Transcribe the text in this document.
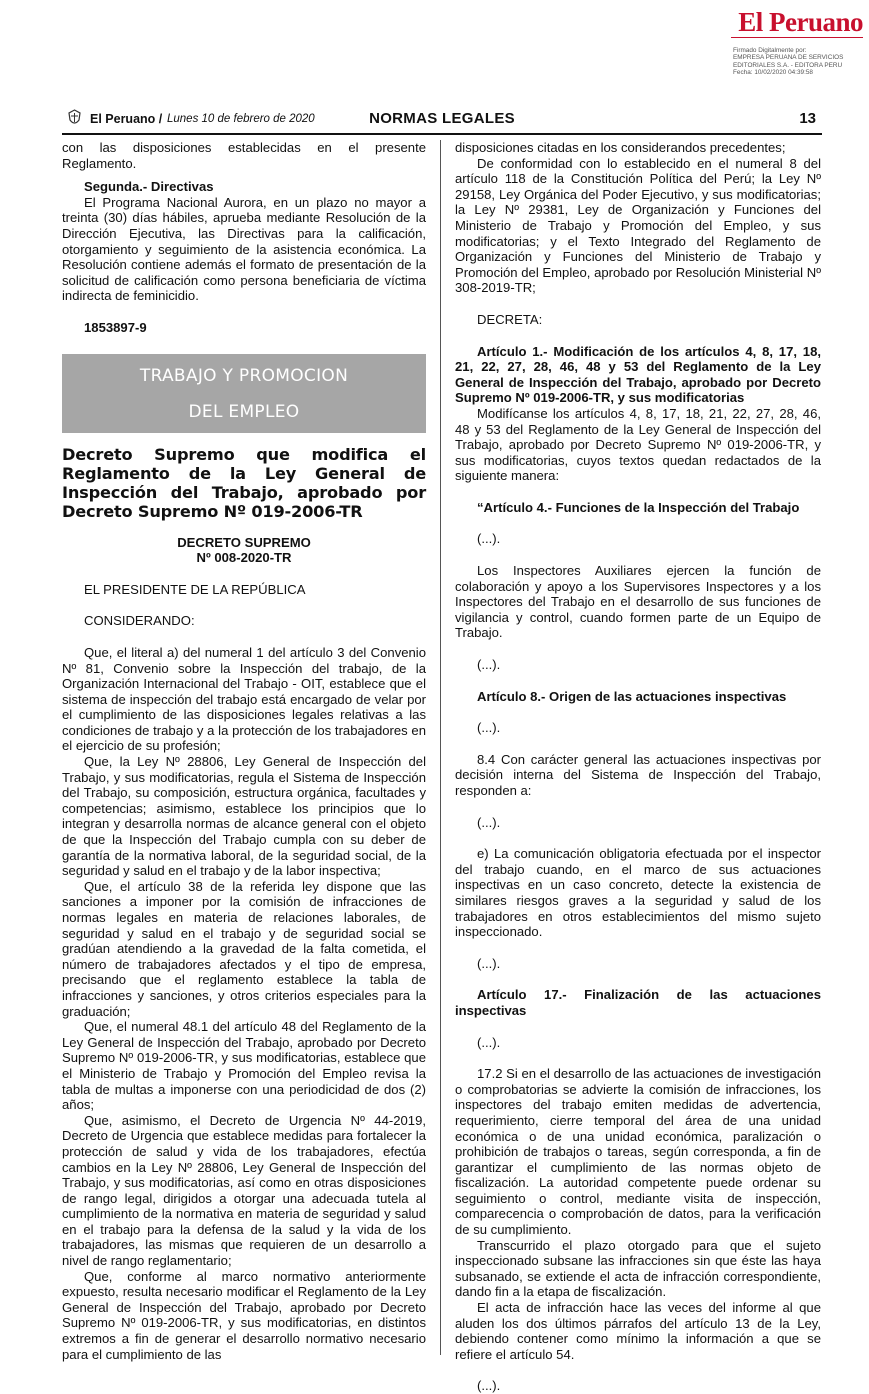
El Peruano
Firmado Digitalmente por:
EMPRESA PERUANA DE SERVICIOS
EDITORIALES S.A. - EDITORA PERU
Fecha: 10/02/2020 04:39:58
El Peruano / Lunes 10 de febrero de 2020	NORMAS LEGALES	13

con las disposiciones establecidas en el presente Reglamento.

Segunda.- Directivas

El Programa Nacional Aurora, en un plazo no mayor a treinta (30) días hábiles, aprueba mediante Resolución de la Dirección Ejecutiva, las Directivas para la calificación, otorgamiento y seguimiento de la asistencia económica. La Resolución contiene además el formato de presentación de la solicitud de calificación como persona beneficiaria de víctima indirecta de feminicidio.

1853897-9

TRABAJO Y PROMOCION
DEL EMPLEO
Decreto Supremo que modifica el Reglamento de la Ley General de Inspección del Trabajo, aprobado por Decreto Supremo Nº 019-2006-TR
DECRETO SUPREMO
Nº 008-2020-TR

EL PRESIDENTE DE LA REPÚBLICA

CONSIDERANDO:

Que, el literal a) del numeral 1 del artículo 3 del Convenio Nº 81, Convenio sobre la Inspección del trabajo, de la Organización Internacional del Trabajo - OIT, establece que el sistema de inspección del trabajo está encargado de velar por el cumplimiento de las disposiciones legales relativas a las condiciones de trabajo y a la protección de los trabajadores en el ejercicio de su profesión;

Que, la Ley Nº 28806, Ley General de Inspección del Trabajo, y sus modificatorias, regula el Sistema de Inspección del Trabajo, su composición, estructura orgánica, facultades y competencias; asimismo, establece los principios que lo integran y desarrolla normas de alcance general con el objeto de que la Inspección del Trabajo cumpla con su deber de garantía de la normativa laboral, de la seguridad social, de la seguridad y salud en el trabajo y de la labor inspectiva;

Que, el artículo 38 de la referida ley dispone que las sanciones a imponer por la comisión de infracciones de normas legales en materia de relaciones laborales, de seguridad y salud en el trabajo y de seguridad social se gradúan atendiendo a la gravedad de la falta cometida, el número de trabajadores afectados y el tipo de empresa, precisando que el reglamento establece la tabla de infracciones y sanciones, y otros criterios especiales para la graduación;

Que, el numeral 48.1 del artículo 48 del Reglamento de la Ley General de Inspección del Trabajo, aprobado por Decreto Supremo Nº 019-2006-TR, y sus modificatorias, establece que el Ministerio de Trabajo y Promoción del Empleo revisa la tabla de multas a imponerse con una periodicidad de dos (2) años;

Que, asimismo, el Decreto de Urgencia Nº 44-2019, Decreto de Urgencia que establece medidas para fortalecer la protección de salud y vida de los trabajadores, efectúa cambios en la Ley Nº 28806, Ley General de Inspección del Trabajo, y sus modificatorias, así como en otras disposiciones de rango legal, dirigidos a otorgar una adecuada tutela al cumplimiento de la normativa en materia de seguridad y salud en el trabajo para la defensa de la salud y la vida de los trabajadores, las mismas que requieren de un desarrollo a nivel de rango reglamentario;

Que, conforme al marco normativo anteriormente expuesto, resulta necesario modificar el Reglamento de la Ley General de Inspección del Trabajo, aprobado por Decreto Supremo Nº 019-2006-TR, y sus modificatorias, en distintos extremos a fin de generar el desarrollo normativo necesario para el cumplimiento de las

disposiciones citadas en los considerandos precedentes;

De conformidad con lo establecido en el numeral 8 del artículo 118 de la Constitución Política del Perú; la Ley Nº 29158, Ley Orgánica del Poder Ejecutivo, y sus modificatorias; la Ley Nº 29381, Ley de Organización y Funciones del Ministerio de Trabajo y Promoción del Empleo, y sus modificatorias; y el Texto Integrado del Reglamento de Organización y Funciones del Ministerio de Trabajo y Promoción del Empleo, aprobado por Resolución Ministerial Nº 308-2019-TR;

DECRETA:

Artículo 1.- Modificación de los artículos 4, 8, 17, 18, 21, 22, 27, 28, 46, 48 y 53 del Reglamento de la Ley General de Inspección del Trabajo, aprobado por Decreto Supremo Nº 019-2006-TR, y sus modificatorias

Modifícanse los artículos 4, 8, 17, 18, 21, 22, 27, 28, 46, 48 y 53 del Reglamento de la Ley General de Inspección del Trabajo, aprobado por Decreto Supremo Nº 019-2006-TR, y sus modificatorias, cuyos textos quedan redactados de la siguiente manera:

“Artículo 4.- Funciones de la Inspección del Trabajo

(...).

Los Inspectores Auxiliares ejercen la función de colaboración y apoyo a los Supervisores Inspectores y a los Inspectores del Trabajo en el desarrollo de sus funciones de vigilancia y control, cuando formen parte de un Equipo de Trabajo.

(...).

Artículo 8.- Origen de las actuaciones inspectivas

(...).

8.4 Con carácter general las actuaciones inspectivas por decisión interna del Sistema de Inspección del Trabajo, responden a:

(...).

e) La comunicación obligatoria efectuada por el inspector del trabajo cuando, en el marco de sus actuaciones inspectivas en un caso concreto, detecte la existencia de similares riesgos graves a la seguridad y salud de los trabajadores en otros establecimientos del mismo sujeto inspeccionado.

(...).

Artículo 17.- Finalización de las actuaciones inspectivas

(...).

17.2 Si en el desarrollo de las actuaciones de investigación o comprobatorias se advierte la comisión de infracciones, los inspectores del trabajo emiten medidas de advertencia, requerimiento, cierre temporal del área de una unidad económica o de una unidad económica, paralización o prohibición de trabajos o tareas, según corresponda, a fin de garantizar el cumplimiento de las normas objeto de fiscalización. La autoridad competente puede ordenar su seguimiento o control, mediante visita de inspección, comparecencia o comprobación de datos, para la verificación de su cumplimiento.

Transcurrido el plazo otorgado para que el sujeto inspeccionado subsane las infracciones sin que éste las haya subsanado, se extiende el acta de infracción correspondiente, dando fin a la etapa de fiscalización.

El acta de infracción hace las veces del informe al que aluden los dos últimos párrafos del artículo 13 de la Ley, debiendo contener como mínimo la información a que se refiere el artículo 54.

(...).
